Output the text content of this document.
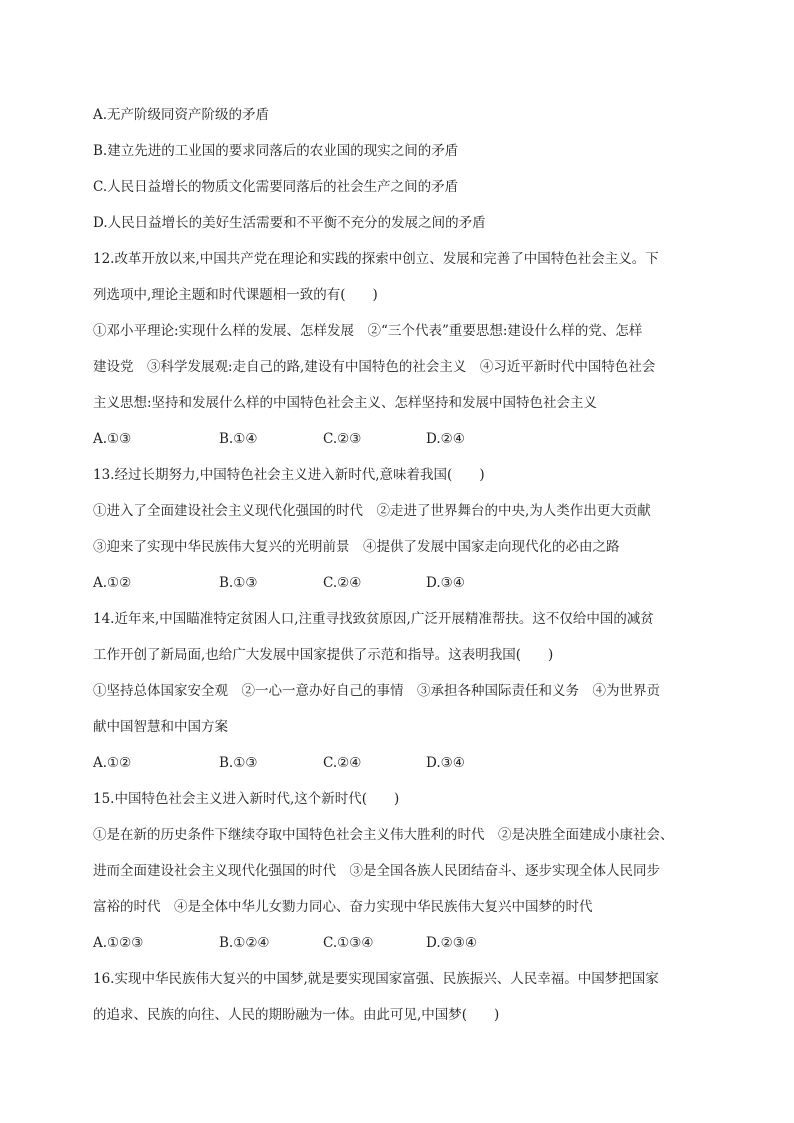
A.无产阶级同资产阶级的矛盾
B.建立先进的工业国的要求同落后的农业国的现实之间的矛盾
C.人民日益增长的物质文化需要同落后的社会生产之间的矛盾
D.人民日益增长的美好生活需要和不平衡不充分的发展之间的矛盾
12.改革开放以来,中国共产党在理论和实践的探索中创立、发展和完善了中国特色社会主义。下
列选项中,理论主题和时代课题相一致的有(　　)
①邓小平理论:实现什么样的发展、怎样发展　②“三个代表”重要思想:建设什么样的党、怎样
建设党　③科学发展观:走自己的路,建设有中国特色的社会主义　④习近平新时代中国特色社会
主义思想:坚持和发展什么样的中国特色社会主义、怎样坚持和发展中国特色社会主义
A.①③	B.①④	C.②③	D.②④
13.经过长期努力,中国特色社会主义进入新时代,意味着我国(　　)
①进入了全面建设社会主义现代化强国的时代　②走进了世界舞台的中央,为人类作出更大贡献
③迎来了实现中华民族伟大复兴的光明前景　④提供了发展中国家走向现代化的必由之路
A.①②	B.①③	C.②④	D.③④
14.近年来,中国瞄准特定贫困人口,注重寻找致贫原因,广泛开展精准帮扶。这不仅给中国的减贫
工作开创了新局面,也给广大发展中国家提供了示范和指导。这表明我国(　　)
①坚持总体国家安全观　②一心一意办好自己的事情　③承担各种国际责任和义务　④为世界贡
献中国智慧和中国方案
A.①②	B.①③	C.②④	D.③④
15.中国特色社会主义进入新时代,这个新时代(　　)
①是在新的历史条件下继续夺取中国特色社会主义伟大胜利的时代　②是决胜全面建成小康社会、
进而全面建设社会主义现代化强国的时代　③是全国各族人民团结奋斗、逐步实现全体人民同步
富裕的时代　④是全体中华儿女勠力同心、奋力实现中华民族伟大复兴中国梦的时代
A.①②③	B.①②④	C.①③④	D.②③④
16.实现中华民族伟大复兴的中国梦,就是要实现国家富强、民族振兴、人民幸福。中国梦把国家
的追求、民族的向往、人民的期盼融为一体。由此可见,中国梦(　　)
